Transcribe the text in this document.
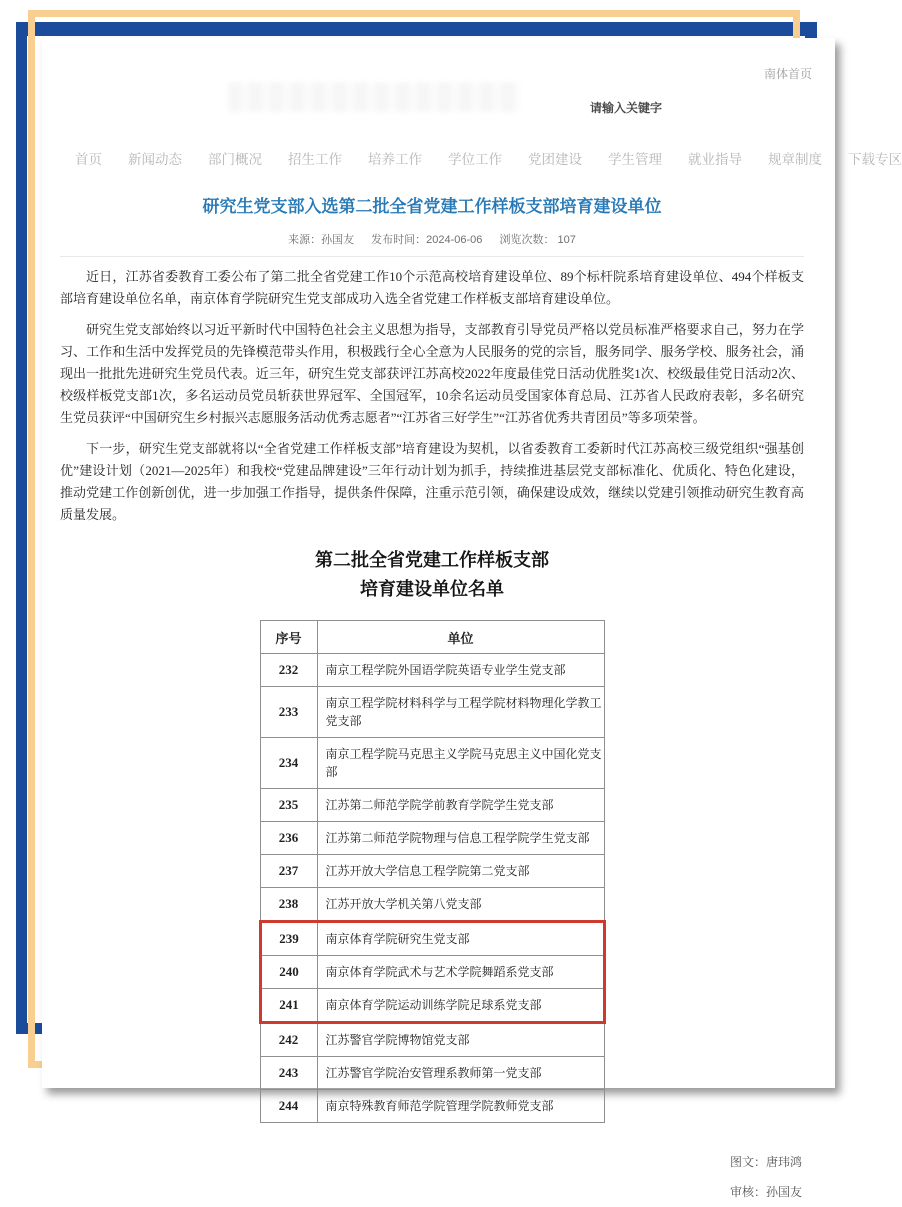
南体首页
请输入关键字
首页 新闻动态 部门概况 招生工作 培养工作 学位工作 党团建设 学生管理 就业指导 规章制度 下载专区
研究生党支部入选第二批全省党建工作样板支部培育建设单位
来源：孙国友 发布时间：2024-06-06 浏览次数： 107

近日，江苏省委教育工委公布了第二批全省党建工作10个示范高校培育建设单位、89个标杆院系培育建设单位、494个样板支部培育建设单位名单，南京体育学院研究生党支部成功入选全省党建工作样板支部培育建设单位。

研究生党支部始终以习近平新时代中国特色社会主义思想为指导，支部教育引导党员严格以党员标准严格要求自己，努力在学习、工作和生活中发挥党员的先锋模范带头作用，积极践行全心全意为人民服务的党的宗旨，服务同学、服务学校、服务社会，涌现出一批批先进研究生党员代表。近三年，研究生党支部获评江苏高校2022年度最佳党日活动优胜奖1次、校级最佳党日活动2次、校级样板党支部1次，多名运动员党员斩获世界冠军、全国冠军，10余名运动员受国家体育总局、江苏省人民政府表彰，多名研究生党员获评“中国研究生乡村振兴志愿服务活动优秀志愿者”“江苏省三好学生”“江苏省优秀共青团员”等多项荣誉。

下一步，研究生党支部就将以“全省党建工作样板支部”培育建设为契机，以省委教育工委新时代江苏高校三级党组织“强基创优”建设计划（2021—2025年）和我校“党建品牌建设”三年行动计划为抓手，持续推进基层党支部标准化、优质化、特色化建设，推动党建工作创新创优，进一步加强工作指导，提供条件保障，注重示范引领，确保建设成效，继续以党建引领推动研究生教育高质量发展。

第二批全省党建工作样板支部
培育建设单位名单
序号	单位
232	南京工程学院外国语学院英语专业学生党支部
233	南京工程学院材料科学与工程学院材料物理化学教工党支部
234	南京工程学院马克思主义学院马克思主义中国化党支部
235	江苏第二师范学院学前教育学院学生党支部
236	江苏第二师范学院物理与信息工程学院学生党支部
237	江苏开放大学信息工程学院第二党支部
238	江苏开放大学机关第八党支部
239	南京体育学院研究生党支部
240	南京体育学院武术与艺术学院舞蹈系党支部
241	南京体育学院运动训练学院足球系党支部
242	江苏警官学院博物馆党支部
243	江苏警官学院治安管理系教师第一党支部
244	南京特殊教育师范学院管理学院教师党支部
图文：唐玮鸿
审核：孙国友
